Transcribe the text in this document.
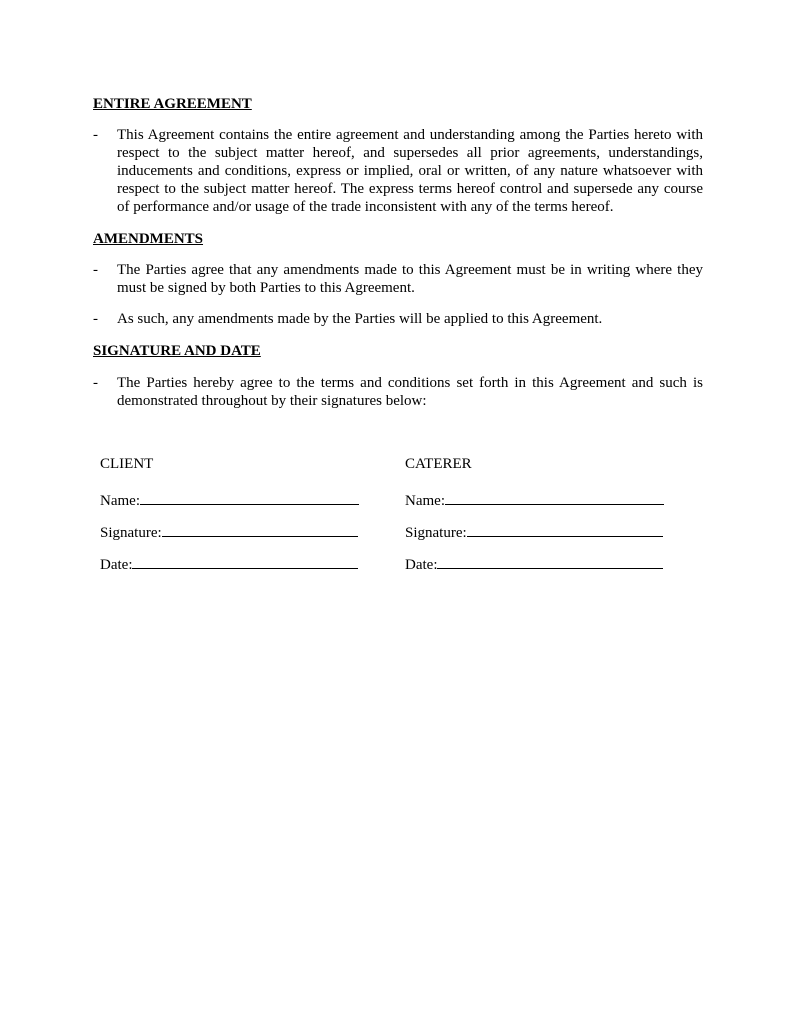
ENTIRE AGREEMENT
- This Agreement contains the entire agreement and understanding among the Parties hereto with respect to the subject matter hereof, and supersedes all prior agreements, understandings, inducements and conditions, express or implied, oral or written, of any nature whatsoever with respect to the subject matter hereof. The express terms hereof control and supersede any course of performance and/or usage of the trade inconsistent with any of the terms hereof.
AMENDMENTS
- The Parties agree that any amendments made to this Agreement must be in writing where they must be signed by both Parties to this Agreement.
- As such, any amendments made by the Parties will be applied to this Agreement.
SIGNATURE AND DATE
- The Parties hereby agree to the terms and conditions set forth in this Agreement and such is demonstrated throughout by their signatures below:
CLIENT
Name:
Signature:
Date:
CATERER
Name:
Signature:
Date:
